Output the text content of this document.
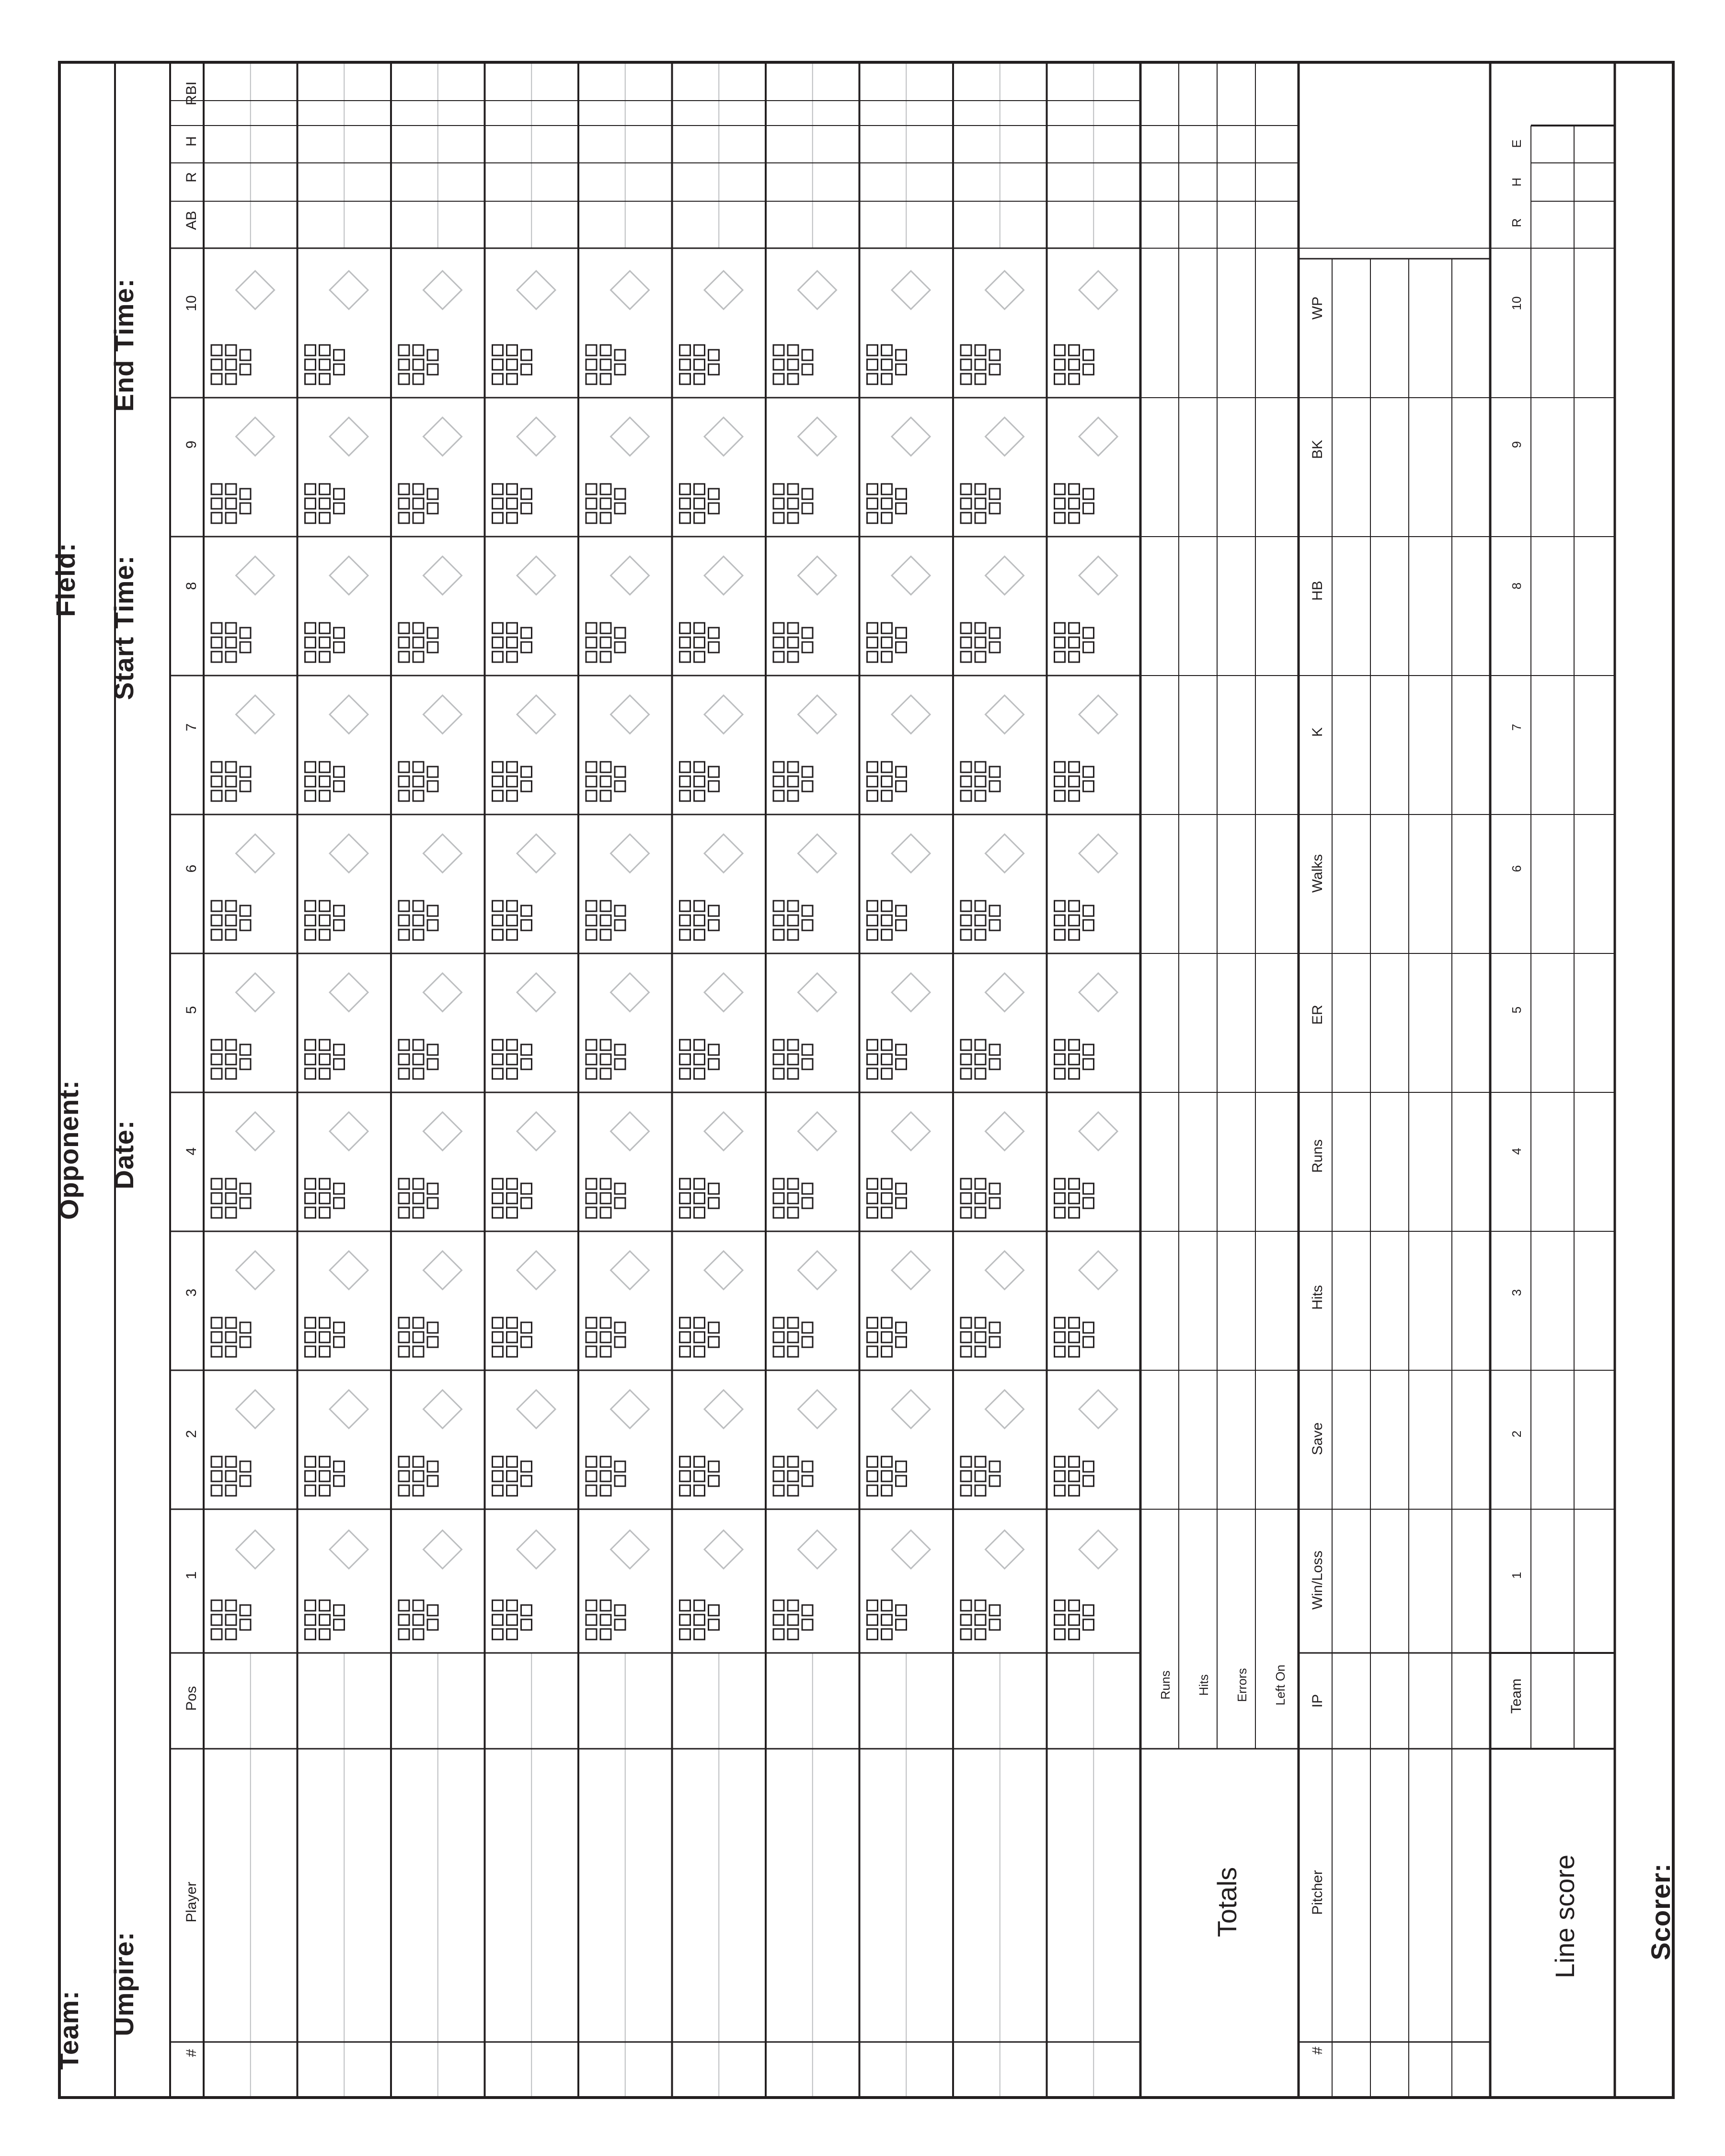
Team:
Opponent:
Field:
Umpire:
Date:
Start Time:
End Time:
#
Player
Pos
1
2
3
4
5
6
7
8
9
10
AB
R
H
RBI
Totals
Runs Hits Errors Left On
#
Pitcher
IP
Win/Loss
Save
Hits
Runs
ER
Walks
K
HB
BK
WP
Line score
Team
1
2
3
4
5
6
7
8
9
10
R
H
E
Scorer:
